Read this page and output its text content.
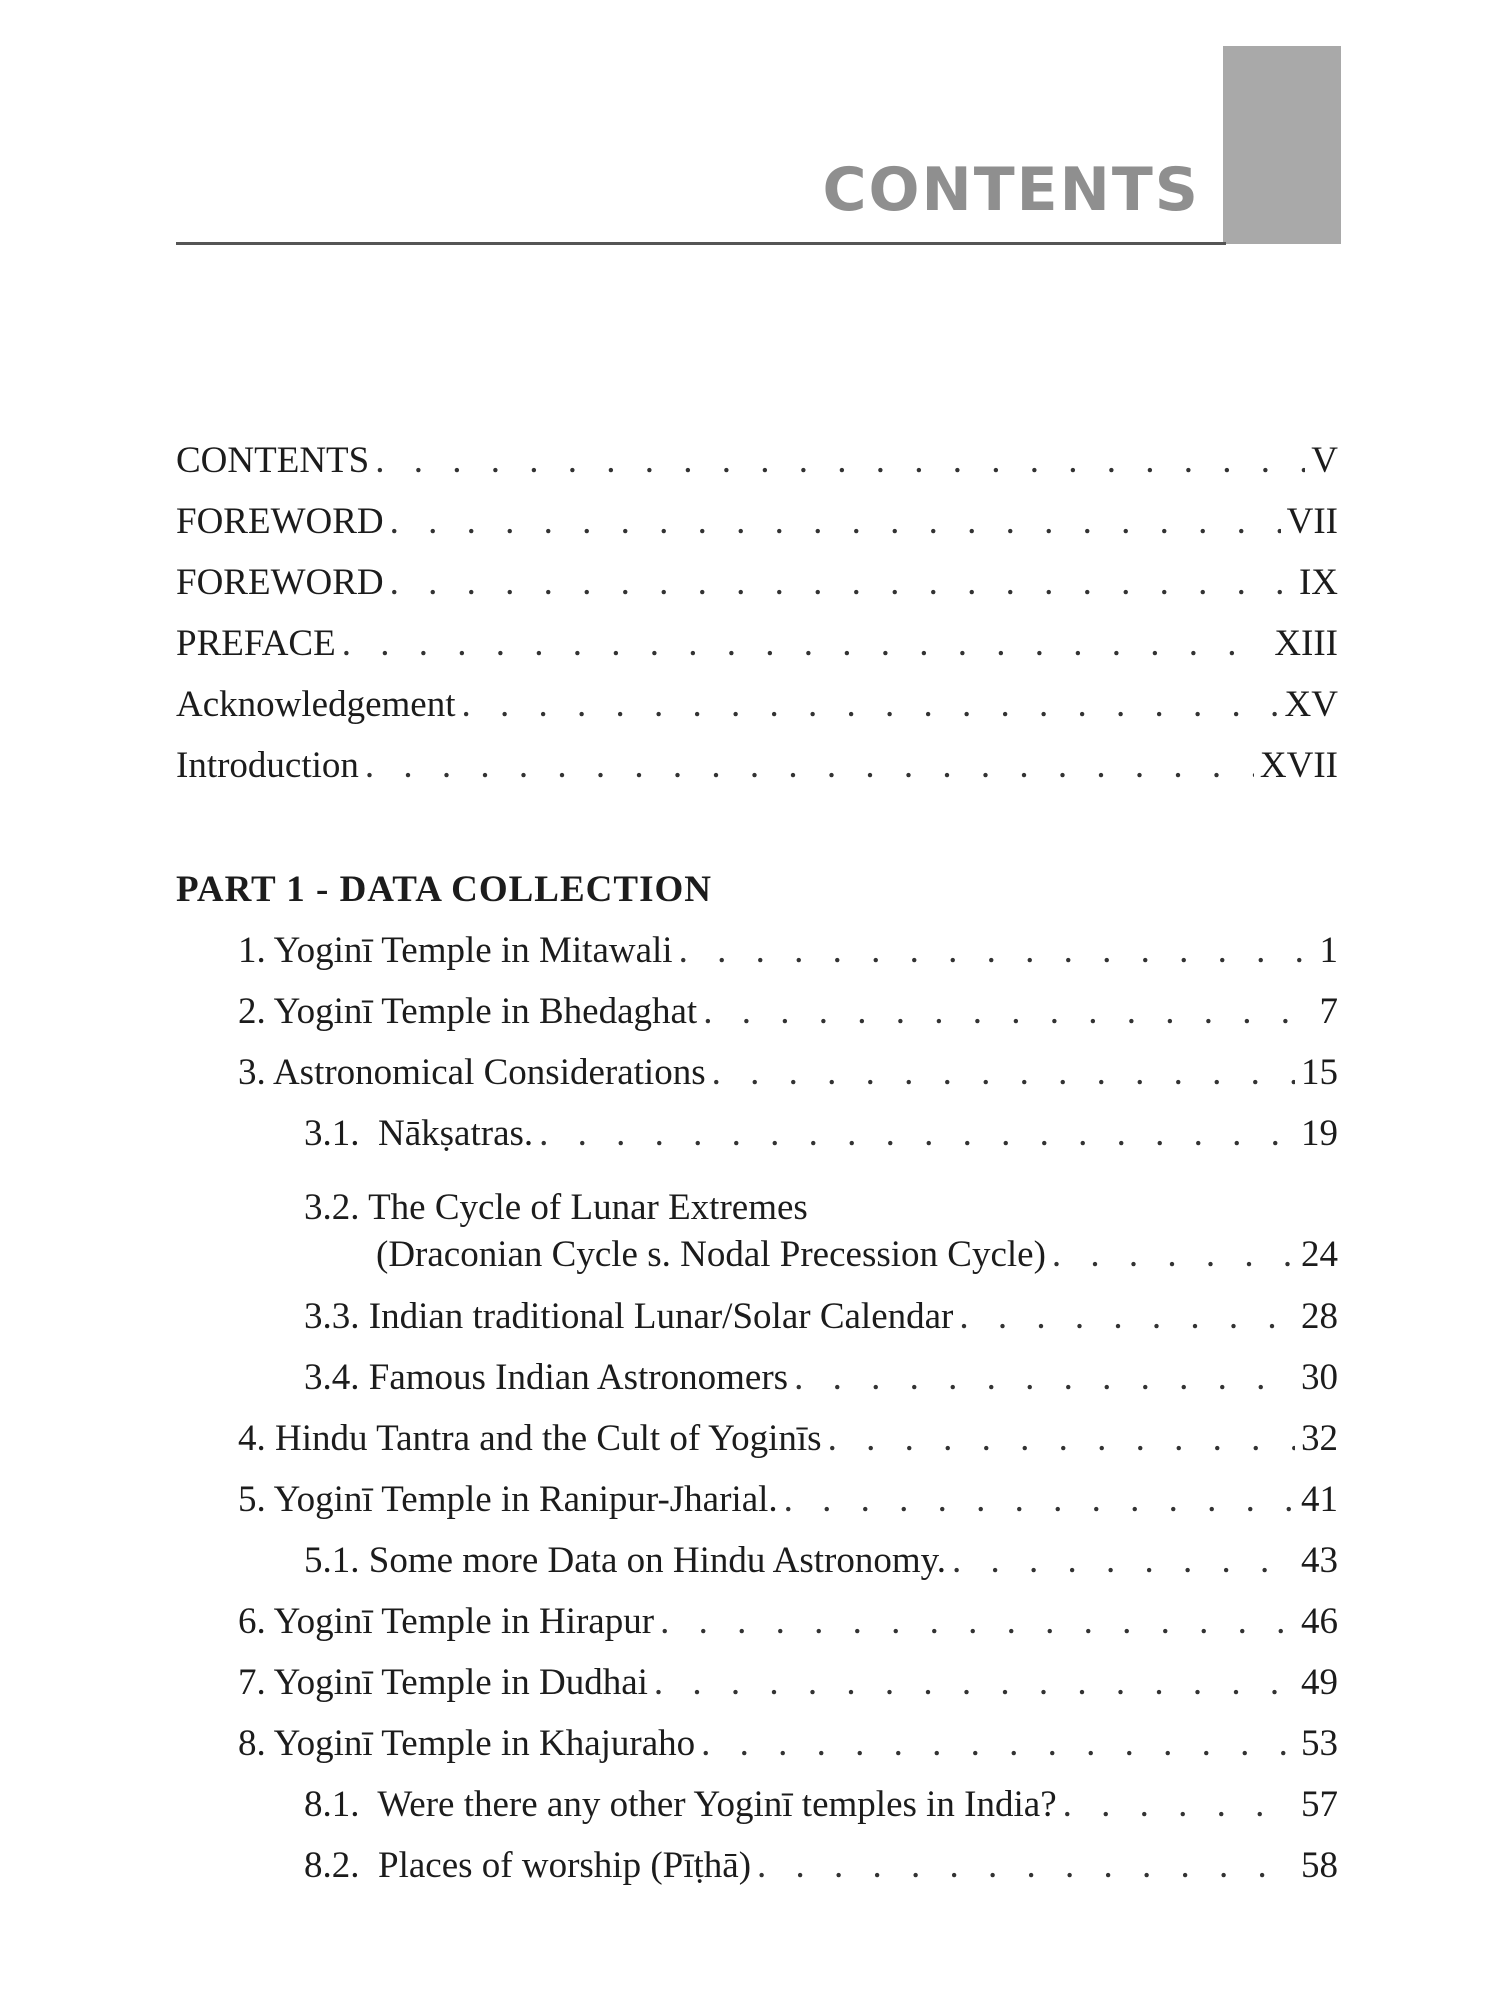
CONTENTS
CONTENTS . . .	V
FOREWORD . . .	VII
FOREWORD . . .	IX
PREFACE . . .	XIII
Acknowledgement . . .	XV
Introduction . . .	XVII
PART 1 - DATA COLLECTION
1. Yoginī Temple in Mitawali . . .	1
2. Yoginī Temple in Bhedaghat . . .	7
3. Astronomical Considerations . . .	15
3.1.  Nākṣatras. . . .	19
3.2. The Cycle of Lunar Extremes
(Draconian Cycle s. Nodal Precession Cycle) . . .	24
3.3. Indian traditional Lunar/Solar Calendar . . .	28
3.4. Famous Indian Astronomers . . .	30
4. Hindu Tantra and the Cult of Yoginīs . . .	32
5. Yoginī Temple in Ranipur-Jharial. . . .	41
5.1. Some more Data on Hindu Astronomy. . . .	43
6. Yoginī Temple in Hirapur . . .	46
7. Yoginī Temple in Dudhai . . .	49
8. Yoginī Temple in Khajuraho . . .	53
8.1.  Were there any other Yoginī temples in India? . . .	57
8.2.  Places of worship (Pīṭhā) . . .	58
